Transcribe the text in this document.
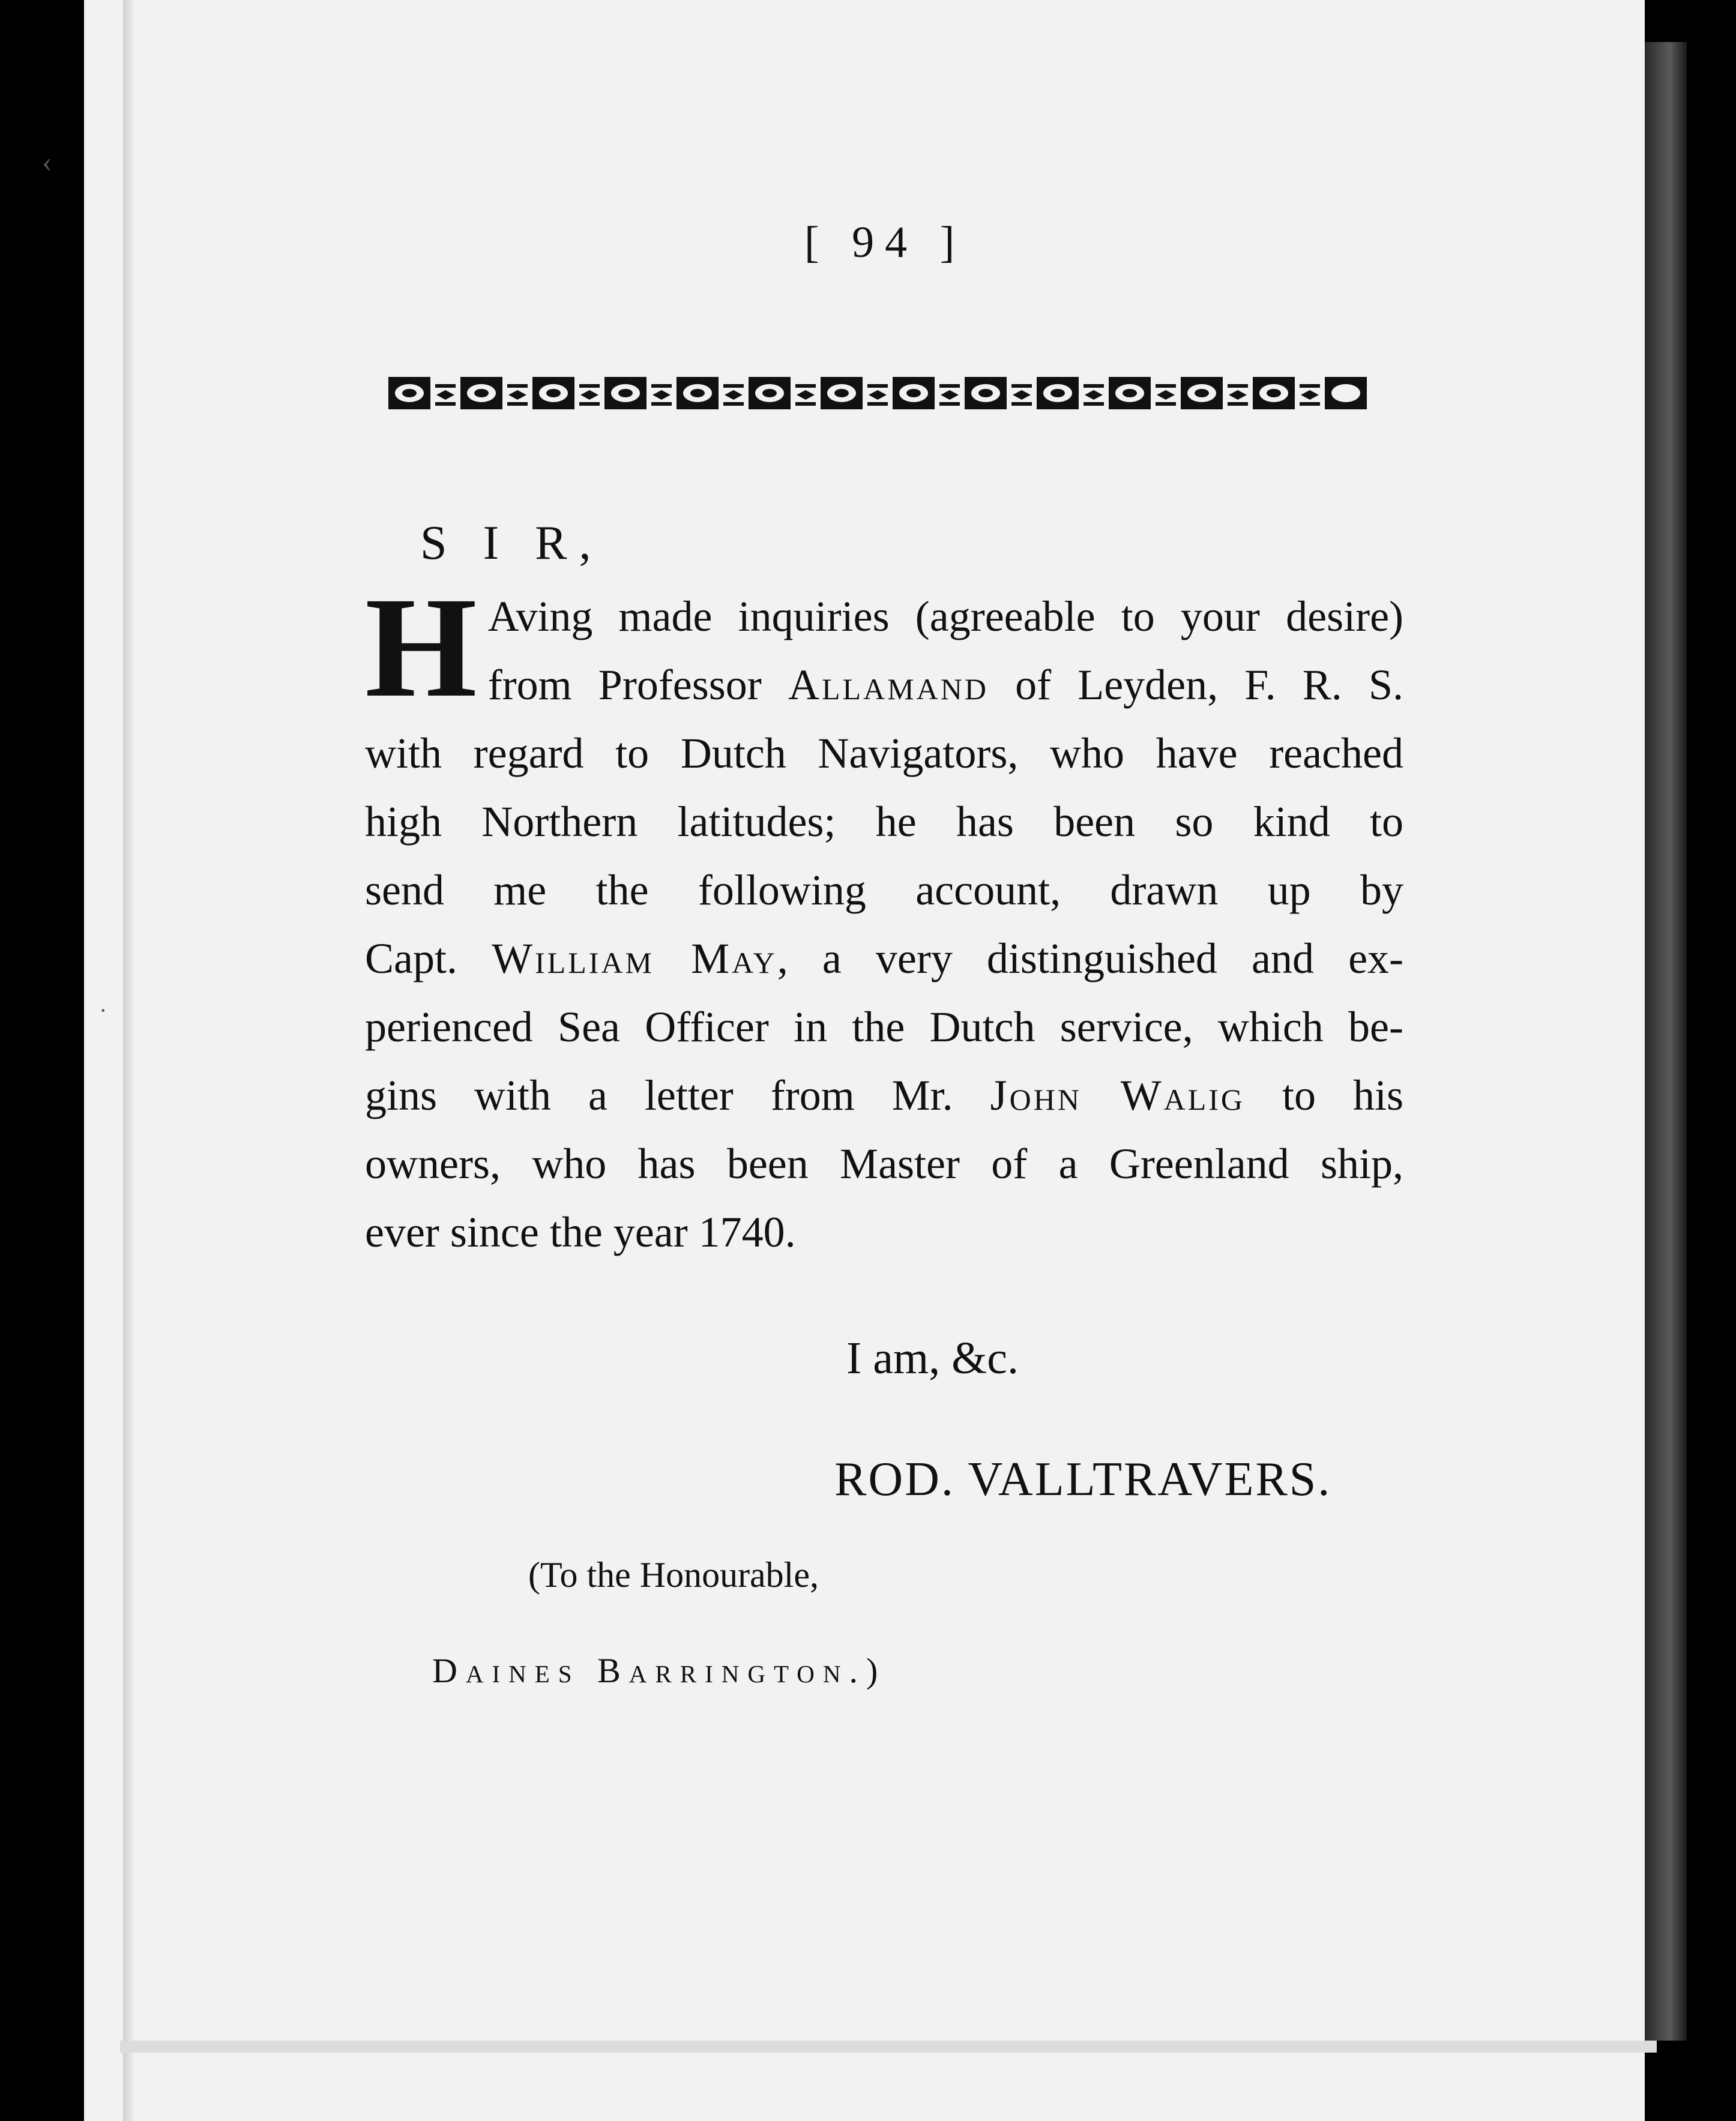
‹
·
[ 94 ]
S I R,
H Aving made inquiries (agreeable to your desire)
from Professor Allamand of Leyden, F. R. S.
with regard to Dutch Navigators, who have reached
high Northern latitudes; he has been so kind to
send me the following account, drawn up by
Capt. William May, a very distinguished and ex-
perienced Sea Officer in the Dutch service, which be-
gins with a letter from Mr. John Walig to his
owners, who has been Master of a Greenland ship,
ever since the year 1740.
I am, &c.
ROD. VALLTRAVERS.
(To the Honourable,
Daines Barrington.)
